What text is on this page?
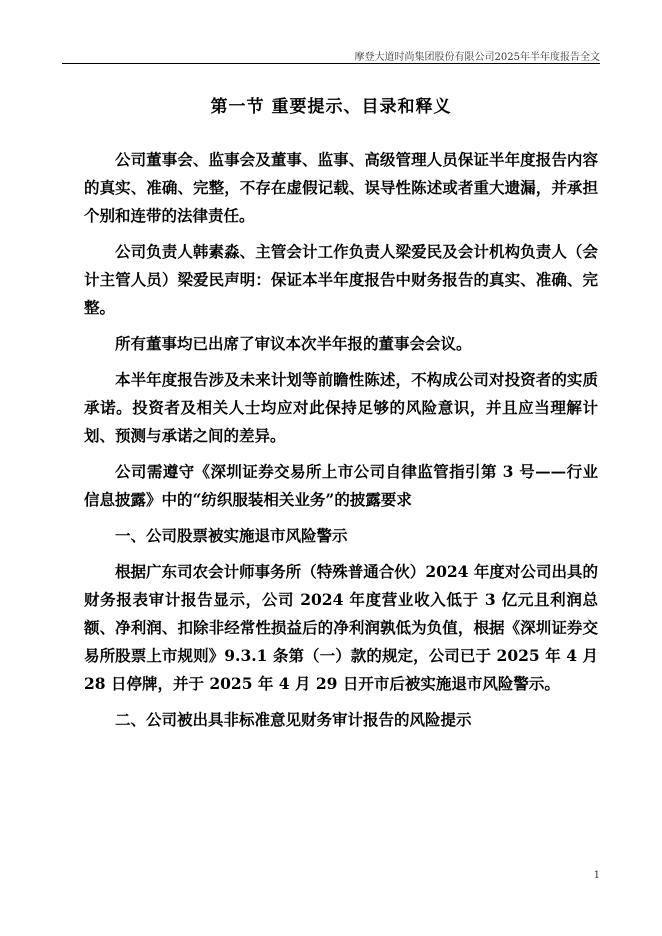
摩登大道时尚集团股份有限公司2025年半年度报告全文
第一节 重要提示、目录和释义

公司董事会、监事会及董事、监事、高级管理人员保证半年度报告内容的真实、准确、完整，不存在虚假记载、误导性陈述或者重大遗漏，并承担个别和连带的法律责任。

公司负责人韩素淼、主管会计工作负责人梁爱民及会计机构负责人（会计主管人员）梁爱民声明：保证本半年度报告中财务报告的真实、准确、完整。

所有董事均已出席了审议本次半年报的董事会会议。

本半年度报告涉及未来计划等前瞻性陈述，不构成公司对投资者的实质承诺。投资者及相关人士均应对此保持足够的风险意识，并且应当理解计划、预测与承诺之间的差异。

公司需遵守《深圳证券交易所上市公司自律监管指引第 3 号——行业信息披露》中的“纺织服装相关业务”的披露要求

一、公司股票被实施退市风险警示

根据广东司农会计师事务所（特殊普通合伙）2024 年度对公司出具的财务报表审计报告显示，公司 2024 年度营业收入低于 3 亿元且利润总额、净利润、扣除非经常性损益后的净利润孰低为负值，根据《深圳证券交易所股票上市规则》9.3.1 条第（一）款的规定，公司已于 2025 年 4 月 28 日停牌，并于 2025 年 4 月 29 日开市后被实施退市风险警示。

二、公司被出具非标准意见财务审计报告的风险提示

1
